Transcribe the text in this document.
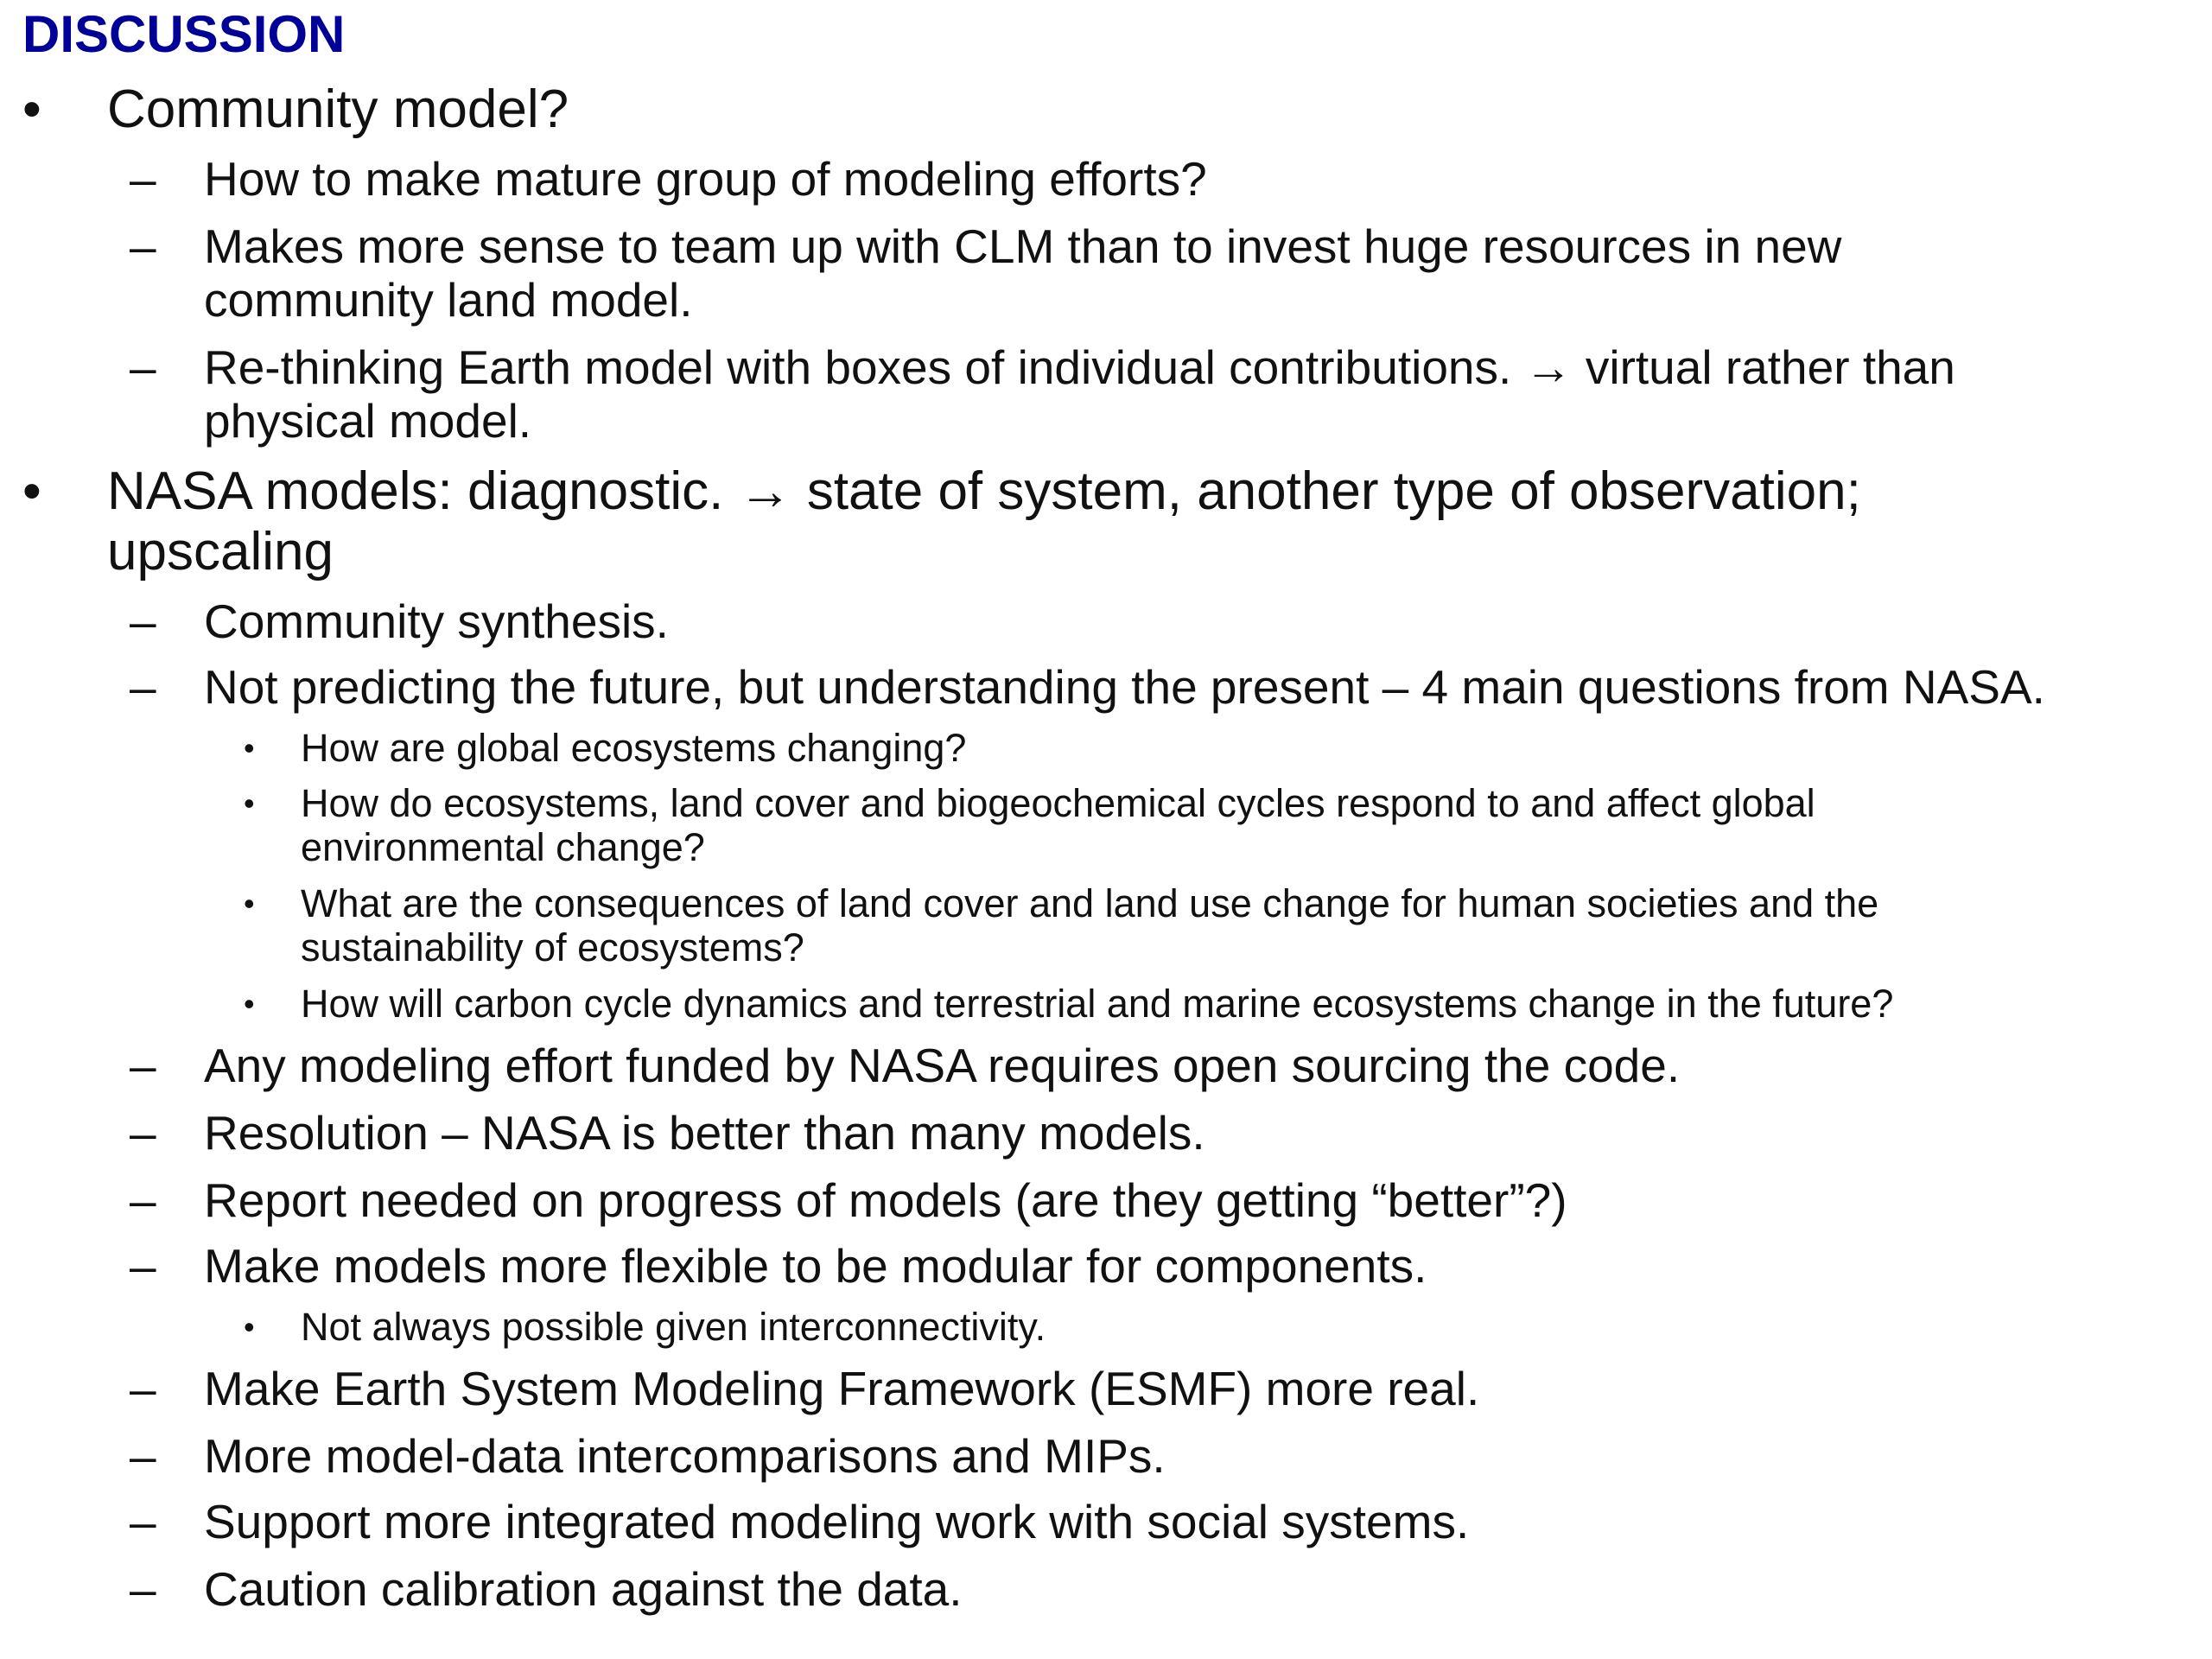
DISCUSSION
• Community model?
– How to make mature group of modeling efforts?
– Makes more sense to team up with CLM than to invest huge resources in new
community land model.
– Re-thinking Earth model with boxes of individual contributions. → virtual rather than
physical model.
• NASA models: diagnostic. → state of system, another type of observation;
upscaling
– Community synthesis.
– Not predicting the future, but understanding the present – 4 main questions from NASA.
• How are global ecosystems changing?
• How do ecosystems, land cover and biogeochemical cycles respond to and affect global
environmental change?
• What are the consequences of land cover and land use change for human societies and the
sustainability of ecosystems?
• How will carbon cycle dynamics and terrestrial and marine ecosystems change in the future?
– Any modeling effort funded by NASA requires open sourcing the code.
– Resolution – NASA is better than many models.
– Report needed on progress of models (are they getting “better”?)
– Make models more flexible to be modular for components.
• Not always possible given interconnectivity.
– Make Earth System Modeling Framework (ESMF) more real.
– More model-data intercomparisons and MIPs.
– Support more integrated modeling work with social systems.
– Caution calibration against the data.
